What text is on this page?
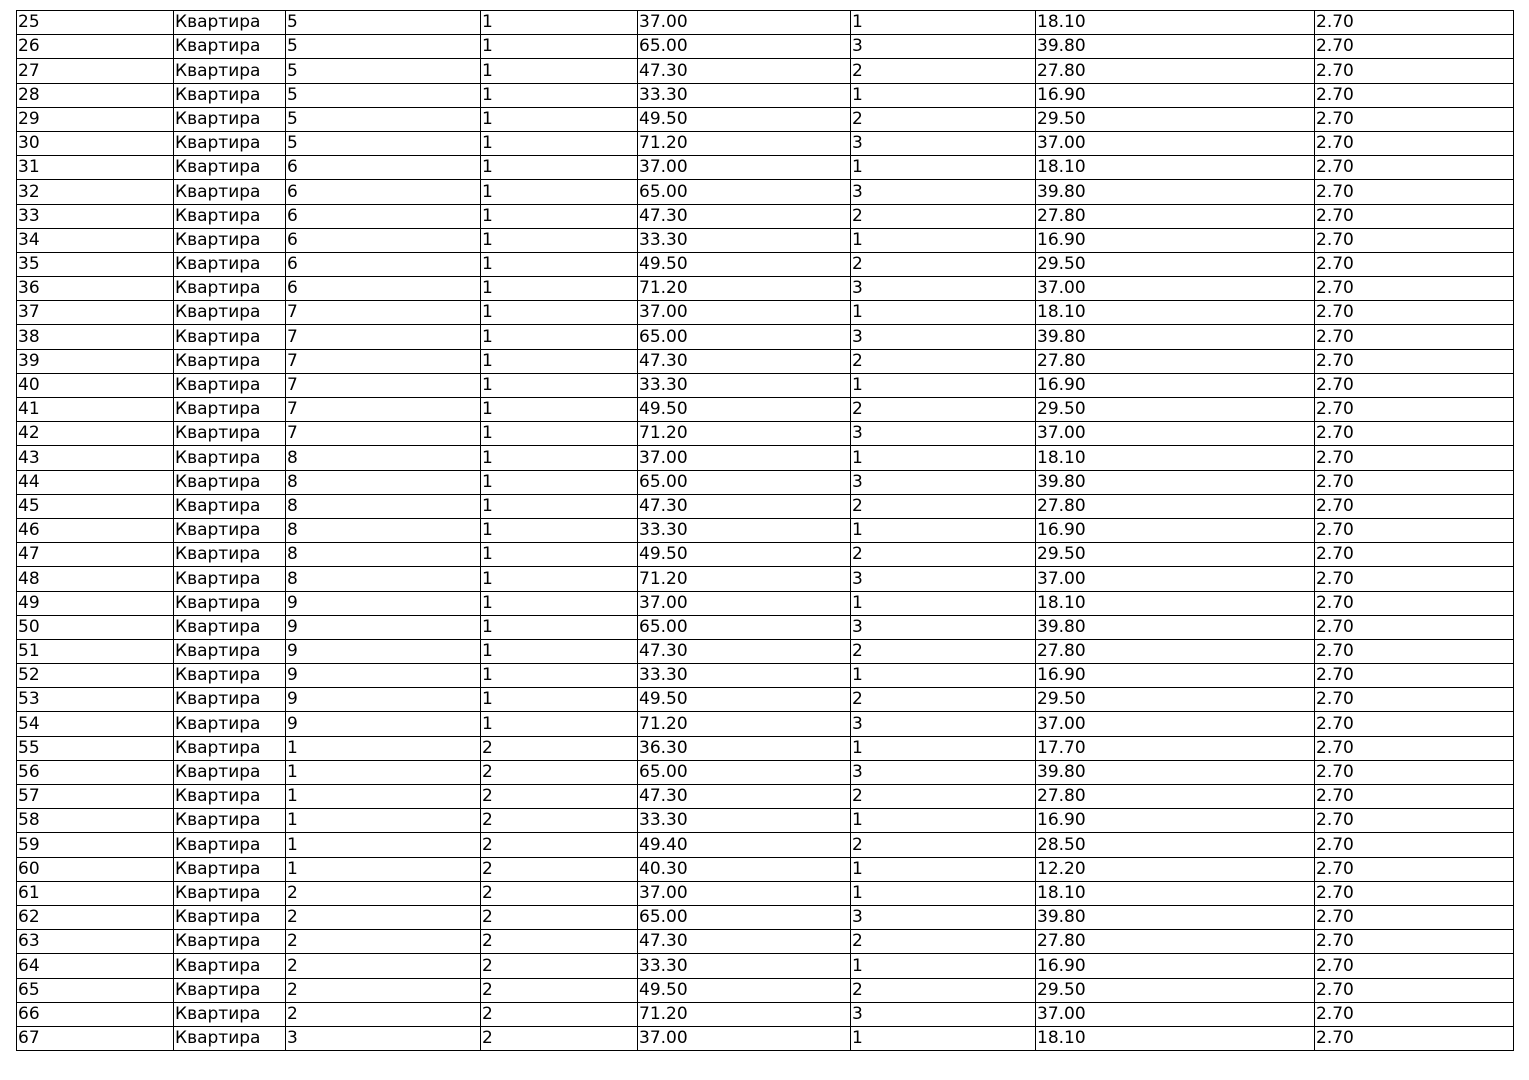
25	Квартира	5	1	37.00	1	18.10	2.70
26	Квартира	5	1	65.00	3	39.80	2.70
27	Квартира	5	1	47.30	2	27.80	2.70
28	Квартира	5	1	33.30	1	16.90	2.70
29	Квартира	5	1	49.50	2	29.50	2.70
30	Квартира	5	1	71.20	3	37.00	2.70
31	Квартира	6	1	37.00	1	18.10	2.70
32	Квартира	6	1	65.00	3	39.80	2.70
33	Квартира	6	1	47.30	2	27.80	2.70
34	Квартира	6	1	33.30	1	16.90	2.70
35	Квартира	6	1	49.50	2	29.50	2.70
36	Квартира	6	1	71.20	3	37.00	2.70
37	Квартира	7	1	37.00	1	18.10	2.70
38	Квартира	7	1	65.00	3	39.80	2.70
39	Квартира	7	1	47.30	2	27.80	2.70
40	Квартира	7	1	33.30	1	16.90	2.70
41	Квартира	7	1	49.50	2	29.50	2.70
42	Квартира	7	1	71.20	3	37.00	2.70
43	Квартира	8	1	37.00	1	18.10	2.70
44	Квартира	8	1	65.00	3	39.80	2.70
45	Квартира	8	1	47.30	2	27.80	2.70
46	Квартира	8	1	33.30	1	16.90	2.70
47	Квартира	8	1	49.50	2	29.50	2.70
48	Квартира	8	1	71.20	3	37.00	2.70
49	Квартира	9	1	37.00	1	18.10	2.70
50	Квартира	9	1	65.00	3	39.80	2.70
51	Квартира	9	1	47.30	2	27.80	2.70
52	Квартира	9	1	33.30	1	16.90	2.70
53	Квартира	9	1	49.50	2	29.50	2.70
54	Квартира	9	1	71.20	3	37.00	2.70
55	Квартира	1	2	36.30	1	17.70	2.70
56	Квартира	1	2	65.00	3	39.80	2.70
57	Квартира	1	2	47.30	2	27.80	2.70
58	Квартира	1	2	33.30	1	16.90	2.70
59	Квартира	1	2	49.40	2	28.50	2.70
60	Квартира	1	2	40.30	1	12.20	2.70
61	Квартира	2	2	37.00	1	18.10	2.70
62	Квартира	2	2	65.00	3	39.80	2.70
63	Квартира	2	2	47.30	2	27.80	2.70
64	Квартира	2	2	33.30	1	16.90	2.70
65	Квартира	2	2	49.50	2	29.50	2.70
66	Квартира	2	2	71.20	3	37.00	2.70
67	Квартира	3	2	37.00	1	18.10	2.70
